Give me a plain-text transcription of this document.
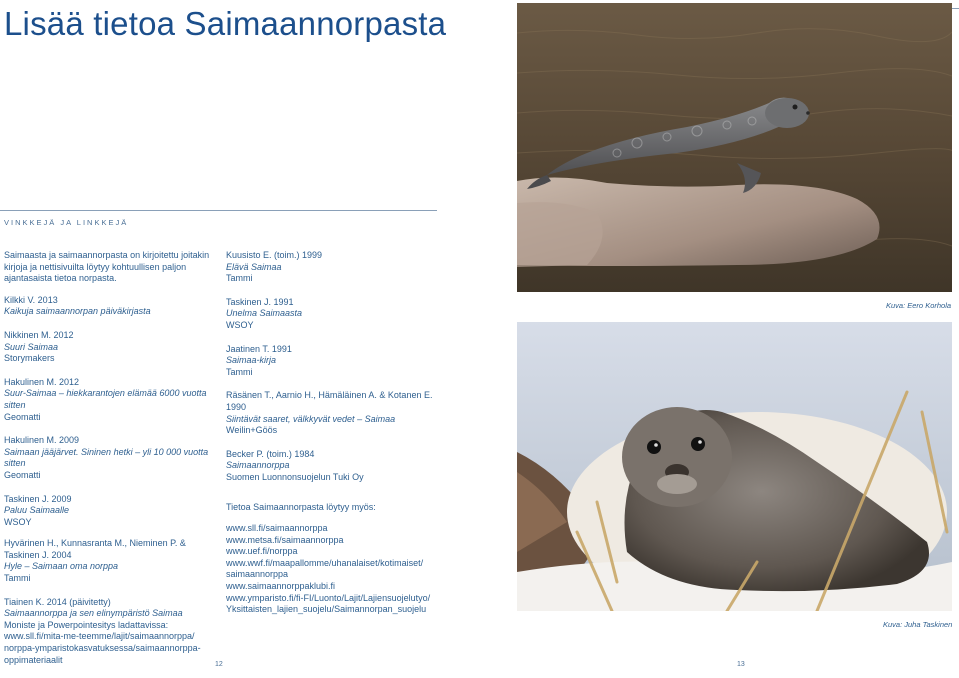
Lisää tietoa Saimaannorpasta
VINKKEJÄ JA LINKKEJÄ

Saimaasta ja saimaannorpasta on kirjoitettu joitakin kirjoja ja nettisivuilta löytyy kohtuullisen paljon ajantasaista tietoa norpasta.

Kilkki V. 2013
Kaikuja saimaannorpan päiväkirjasta

Nikkinen M. 2012
Suuri Saimaa
Storymakers

Hakulinen M. 2012
Suur-Saimaa – hiekkarantojen elämää 6000 vuotta sitten
Geomatti

Hakulinen M. 2009
Saimaan jääjärvet. Sininen hetki – yli 10 000 vuotta sitten
Geomatti

Taskinen J. 2009
Paluu Saimaalle
WSOY

Hyvärinen H., Kunnasranta M., Nieminen P. & Taskinen J. 2004
Hyle – Saimaan oma norppa
Tammi

Tiainen K. 2014 (päivitetty)
Saimaannorppa ja sen elinympäristö Saimaa
Moniste ja Powerpointesitys ladattavissa: www.sll.fi/mita-me-teemme/lajit/saimaannorppa/ norppa-ymparistokasvatuksessa/saimaannorppa-oppimateriaalit

Kuusisto E. (toim.) 1999
Elävä Saimaa
Tammi

Taskinen J. 1991
Unelma Saimaasta
WSOY

Jaatinen T. 1991
Saimaa-kirja
Tammi

Räsänen T., Aarnio H., Hämäläinen A. & Kotanen E. 1990
Siintävät saaret, välkkyvät vedet – Saimaa
Weilin+Göös

Becker P. (toim.) 1984
Saimaannorppa
Suomen Luonnonsuojelun Tuki Oy

Tietoa Saimaannorpasta löytyy myös:

www.sll.fi/saimaannorppa
www.metsa.fi/saimaannorppa
www.uef.fi/norppa
www.wwf.fi/maapallomme/uhanalaiset/kotimaiset/ saimaannorppa
www.saimaannorppaklubi.fi
www.ymparisto.fi/fi-FI/Luonto/Lajit/Lajiensuojelutyo/ Yksittaisten_lajien_suojelu/Saimannorpan_suojelu
Kuva: Eero Korhola
Kuva: Juha Taskinen
12	13
